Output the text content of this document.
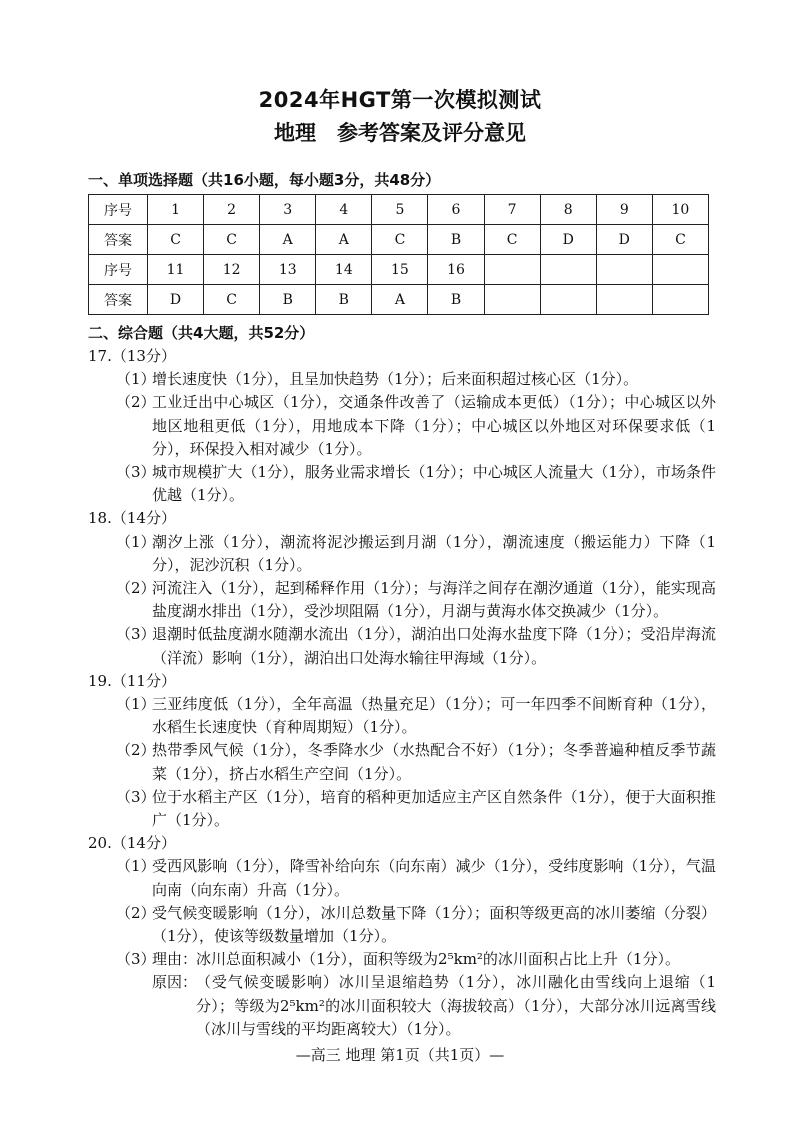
2024年HGT第一次模拟测试
地理　参考答案及评分意见
一、单项选择题（共16小题，每小题3分，共48分）
序号	1	2	3	4	5	6	7	8	9	10
答案	C	C	A	A	C	B	C	D	D	C
序号	11	12	13	14	15	16				
答案	D	C	B	B	A	B				
二、综合题（共4大题，共52分）
17.（13分）
（1）
增长速度快（1分），且呈加快趋势（1分）；后来面积超过核心区（1分）。
（2）
工业迁出中心城区（1分），交通条件改善了（运输成本更低）（1分）；中心城区以外地区地租更低（1分），用地成本下降（1分）；中心城区以外地区对环保要求低（1分），环保投入相对减少（1分）。
（3）
城市规模扩大（1分），服务业需求增长（1分）；中心城区人流量大（1分），市场条件优越（1分）。
18.（14分）
（1）
潮汐上涨（1分），潮流将泥沙搬运到月湖（1分），潮流速度（搬运能力）下降（1分），泥沙沉积（1分）。
（2）
河流注入（1分），起到稀释作用（1分）；与海洋之间存在潮汐通道（1分），能实现高盐度湖水排出（1分），受沙坝阻隔（1分），月湖与黄海水体交换减少（1分）。
（3）
退潮时低盐度湖水随潮水流出（1分），湖泊出口处海水盐度下降（1分）；受沿岸海流（洋流）影响（1分），湖泊出口处海水输往甲海域（1分）。
19.（11分）
（1）
三亚纬度低（1分），全年高温（热量充足）（1分）；可一年四季不间断育种（1分），水稻生长速度快（育种周期短）（1分）。
（2）
热带季风气候（1分），冬季降水少（水热配合不好）（1分）；冬季普遍种植反季节蔬菜（1分），挤占水稻生产空间（1分）。
（3）
位于水稻主产区（1分），培育的稻种更加适应主产区自然条件（1分），便于大面积推广（1分）。
20.（14分）
（1）
受西风影响（1分），降雪补给向东（向东南）减少（1分），受纬度影响（1分），气温向南（向东南）升高（1分）。
（2）
受气候变暖影响（1分），冰川总数量下降（1分）；面积等级更高的冰川萎缩（分裂）（1分），使该等级数量增加（1分）。
（3）
理由：
冰川总面积减小（1分），面积等级为2⁵km²的冰川面积占比上升（1分）。
原因：
（受气候变暖影响）冰川呈退缩趋势（1分），冰川融化由雪线向上退缩（1分）；等级为2⁵km²的冰川面积较大（海拔较高）（1分），大部分冰川远离雪线（冰川与雪线的平均距离较大）（1分）。
—高三 地理 第1页（共1页）—
